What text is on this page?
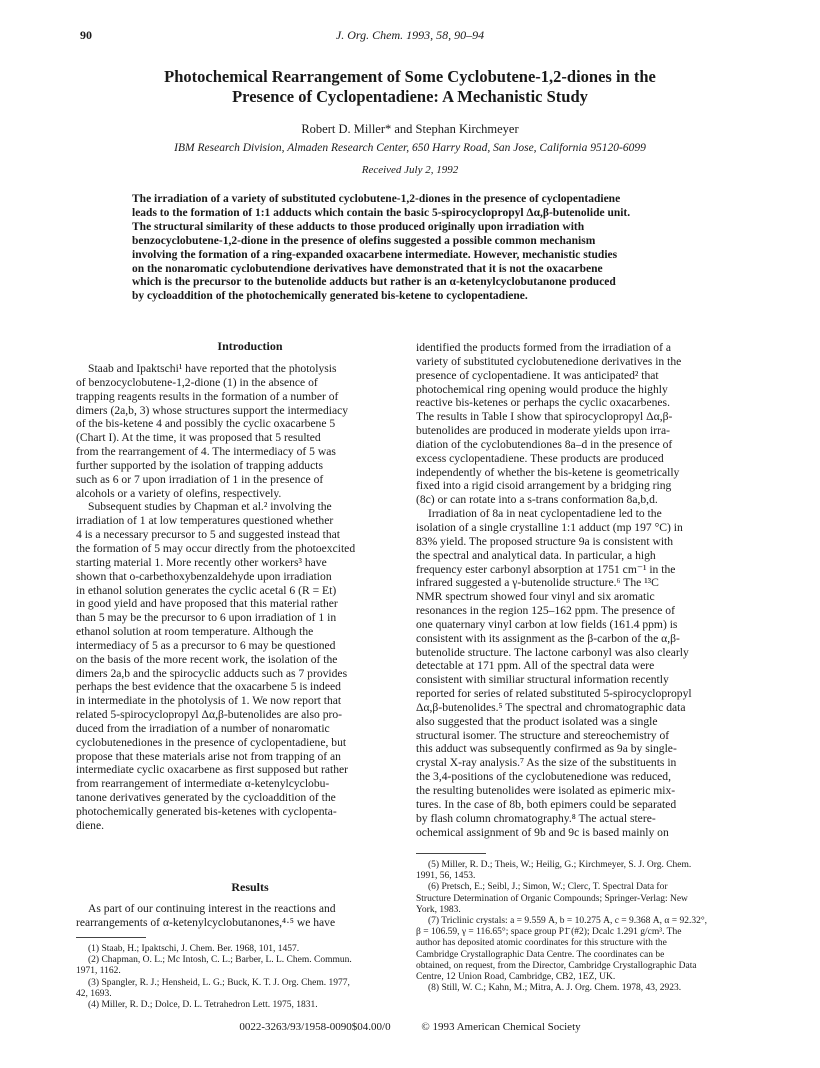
90	J. Org. Chem. 1993, 58, 90–94
Photochemical Rearrangement of Some Cyclobutene-1,2-diones in the
Presence of Cyclopentadiene: A Mechanistic Study
Robert D. Miller* and Stephan Kirchmeyer
IBM Research Division, Almaden Research Center, 650 Harry Road, San Jose, California 95120-6099
Received July 2, 1992
The irradiation of a variety of substituted cyclobutene-1,2-diones in the presence of cyclopentadiene
leads to the formation of 1:1 adducts which contain the basic 5-spirocyclopropyl Δα,β-butenolide unit.
The structural similarity of these adducts to those produced originally upon irradiation with
benzocyclobutene-1,2-dione in the presence of olefins suggested a possible common mechanism
involving the formation of a ring-expanded oxacarbene intermediate. However, mechanistic studies
on the nonaromatic cyclobutendione derivatives have demonstrated that it is not the oxacarbene
which is the precursor to the butenolide adducts but rather is an α-ketenylcyclobutanone produced
by cycloaddition of the photochemically generated bis-ketene to cyclopentadiene.
Introduction
Staab and Ipaktschi¹ have reported that the photolysis
of benzocyclobutene-1,2-dione (1) in the absence of
trapping reagents results in the formation of a number of
dimers (2a,b, 3) whose structures support the intermediacy
of the bis-ketene 4 and possibly the cyclic oxacarbene 5
(Chart I). At the time, it was proposed that 5 resulted
from the rearrangement of 4. The intermediacy of 5 was
further supported by the isolation of trapping adducts
such as 6 or 7 upon irradiation of 1 in the presence of
alcohols or a variety of olefins, respectively.
Subsequent studies by Chapman et al.² involving the
irradiation of 1 at low temperatures questioned whether
4 is a necessary precursor to 5 and suggested instead that
the formation of 5 may occur directly from the photoexcited
starting material 1. More recently other workers³ have
shown that o-carbethoxybenzaldehyde upon irradiation
in ethanol solution generates the cyclic acetal 6 (R = Et)
in good yield and have proposed that this material rather
than 5 may be the precursor to 6 upon irradiation of 1 in
ethanol solution at room temperature. Although the
intermediacy of 5 as a precursor to 6 may be questioned
on the basis of the more recent work, the isolation of the
dimers 2a,b and the spirocyclic adducts such as 7 provides
perhaps the best evidence that the oxacarbene 5 is indeed
in intermediate in the photolysis of 1. We now report that
related 5-spirocyclopropyl Δα,β-butenolides are also pro-
duced from the irradiation of a number of nonaromatic
cyclobutenediones in the presence of cyclopentadiene, but
propose that these materials arise not from trapping of an
intermediate cyclic oxacarbene as first supposed but rather
from rearrangement of intermediate α-ketenylcyclobu-
tanone derivatives generated by the cycloaddition of the
photochemically generated bis-ketenes with cyclopenta-
diene.
Results
As part of our continuing interest in the reactions and
rearrangements of α-ketenylcyclobutanones,⁴·⁵ we have
(1) Staab, H.; Ipaktschi, J. Chem. Ber. 1968, 101, 1457.
(2) Chapman, O. L.; Mc Intosh, C. L.; Barber, L. L. Chem. Commun.
1971, 1162.
(3) Spangler, R. J.; Hensheid, L. G.; Buck, K. T. J. Org. Chem. 1977,
42, 1693.
(4) Miller, R. D.; Dolce, D. L. Tetrahedron Lett. 1975, 1831.
identified the products formed from the irradiation of a
variety of substituted cyclobutenedione derivatives in the
presence of cyclopentadiene. It was anticipated² that
photochemical ring opening would produce the highly
reactive bis-ketenes or perhaps the cyclic oxacarbenes.
The results in Table I show that spirocyclopropyl Δα,β-
butenolides are produced in moderate yields upon irra-
diation of the cyclobutendiones 8a–d in the presence of
excess cyclopentadiene. These products are produced
independently of whether the bis-ketene is geometrically
fixed into a rigid cisoid arrangement by a bridging ring
(8c) or can rotate into a s-trans conformation 8a,b,d.
Irradiation of 8a in neat cyclopentadiene led to the
isolation of a single crystalline 1:1 adduct (mp 197 °C) in
83% yield. The proposed structure 9a is consistent with
the spectral and analytical data. In particular, a high
frequency ester carbonyl absorption at 1751 cm⁻¹ in the
infrared suggested a γ-butenolide structure.⁶ The ¹³C
NMR spectrum showed four vinyl and six aromatic
resonances in the region 125–162 ppm. The presence of
one quaternary vinyl carbon at low fields (161.4 ppm) is
consistent with its assignment as the β-carbon of the α,β-
butenolide structure. The lactone carbonyl was also clearly
detectable at 171 ppm. All of the spectral data were
consistent with similiar structural information recently
reported for series of related substituted 5-spirocyclopropyl
Δα,β-butenolides.⁵ The spectral and chromatographic data
also suggested that the product isolated was a single
structural isomer. The structure and stereochemistry of
this adduct was subsequently confirmed as 9a by single-
crystal X-ray analysis.⁷ As the size of the substituents in
the 3,4-positions of the cyclobutenedione was reduced,
the resulting butenolides were isolated as epimeric mix-
tures. In the case of 8b, both epimers could be separated
by flash column chromatography.⁸ The actual stere-
ochemical assignment of 9b and 9c is based mainly on
(5) Miller, R. D.; Theis, W.; Heilig, G.; Kirchmeyer, S. J. Org. Chem.
1991, 56, 1453.
(6) Pretsch, E.; Seibl, J.; Simon, W.; Clerc, T. Spectral Data for
Structure Determination of Organic Compounds; Springer-Verlag: New
York, 1983.
(7) Triclinic crystals: a = 9.559 Å, b = 10.275 Å, c = 9.368 Å, α = 92.32°,
β = 106.59, γ = 116.65°; space group P1̄ (#2); Dcalc 1.291 g/cm³. The
author has deposited atomic coordinates for this structure with the
Cambridge Crystallographic Data Centre. The coordinates can be
obtained, on request, from the Director, Cambridge Crystallographic Data
Centre, 12 Union Road, Cambridge, CB2, 1EZ, UK.
(8) Still, W. C.; Kahn, M.; Mitra, A. J. Org. Chem. 1978, 43, 2923.
0022-3263/93/1958-0090$04.00/0	© 1993 American Chemical Society
